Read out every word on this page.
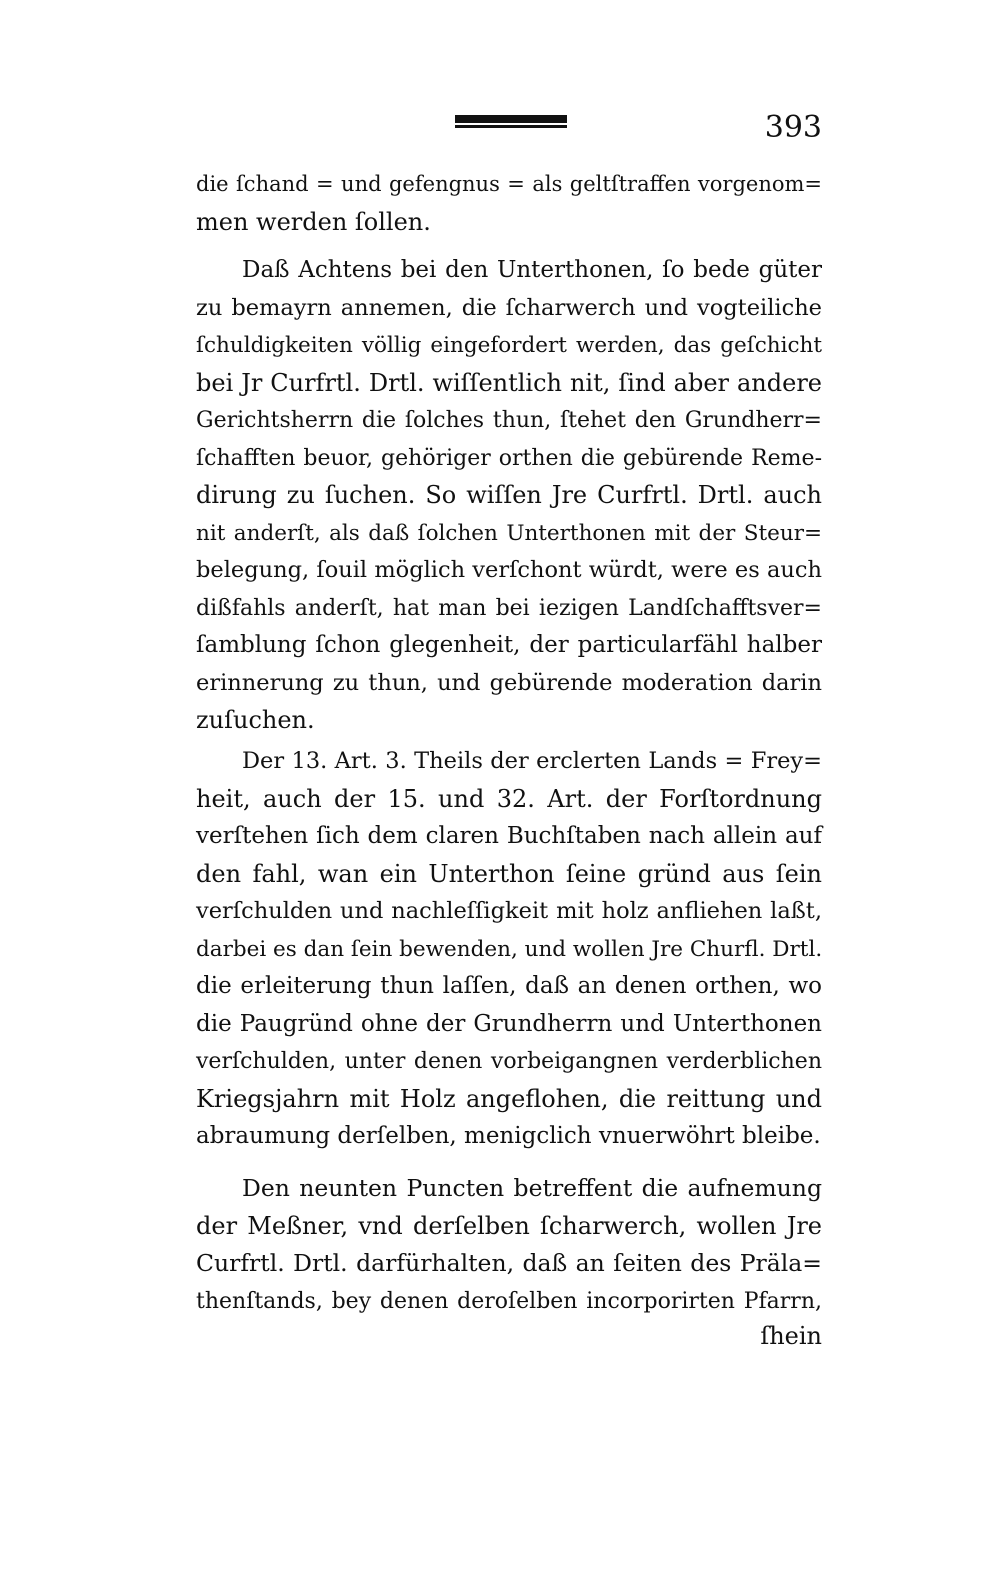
393
die ſchand = und gefengnus = als geltſtraffen vorgenom=
men werden ſollen.
Daß Achtens bei den Unterthonen, ſo bede güter
zu bemayrn annemen, die ſcharwerch und vogteiliche
ſchuldigkeiten völlig eingefordert werden, das geſchicht
bei Jr Curfrtl. Drtl. wiſſentlich nit, ſind aber andere
Gerichtsherrn die ſolches thun, ſtehet den Grundherr=
ſchafften beuor, gehöriger orthen die gebürende Reme-
dirung zu ſuchen. So wiſſen Jre Curfrtl. Drtl. auch
nit anderſt, als daß ſolchen Unterthonen mit der Steur=
belegung, ſouil möglich verſchont würdt, were es auch
dißfahls anderſt, hat man bei iezigen Landſchafftsver=
ſamblung ſchon glegenheit, der particularfähl halber
erinnerung zu thun, und gebürende moderation darin
zuſuchen.
Der 13. Art. 3. Theils der erclerten Lands = Frey=
heit, auch der 15. und 32. Art. der Forſtordnung
verſtehen ſich dem claren Buchſtaben nach allein auf
den fahl, wan ein Unterthon ſeine gründ aus ſein
verſchulden und nachleſſigkeit mit holz anfliehen laßt,
darbei es dan ſein bewenden, und wollen Jre Churfl. Drtl.
die erleiterung thun laſſen, daß an denen orthen, wo
die Paugründ ohne der Grundherrn und Unterthonen
verſchulden, unter denen vorbeigangnen verderblichen
Kriegsjahrn mit Holz angeflohen, die reittung und
abraumung derſelben, menigclich vnuerwöhrt bleibe.
Den neunten Puncten betreffent die aufnemung
der Meßner, vnd derſelben ſcharwerch, wollen Jre
Curfrtl. Drtl. darfürhalten, daß an ſeiten des Präla=
thenſtands, bey denen deroſelben incorporirten Pfarrn,
ſhein
